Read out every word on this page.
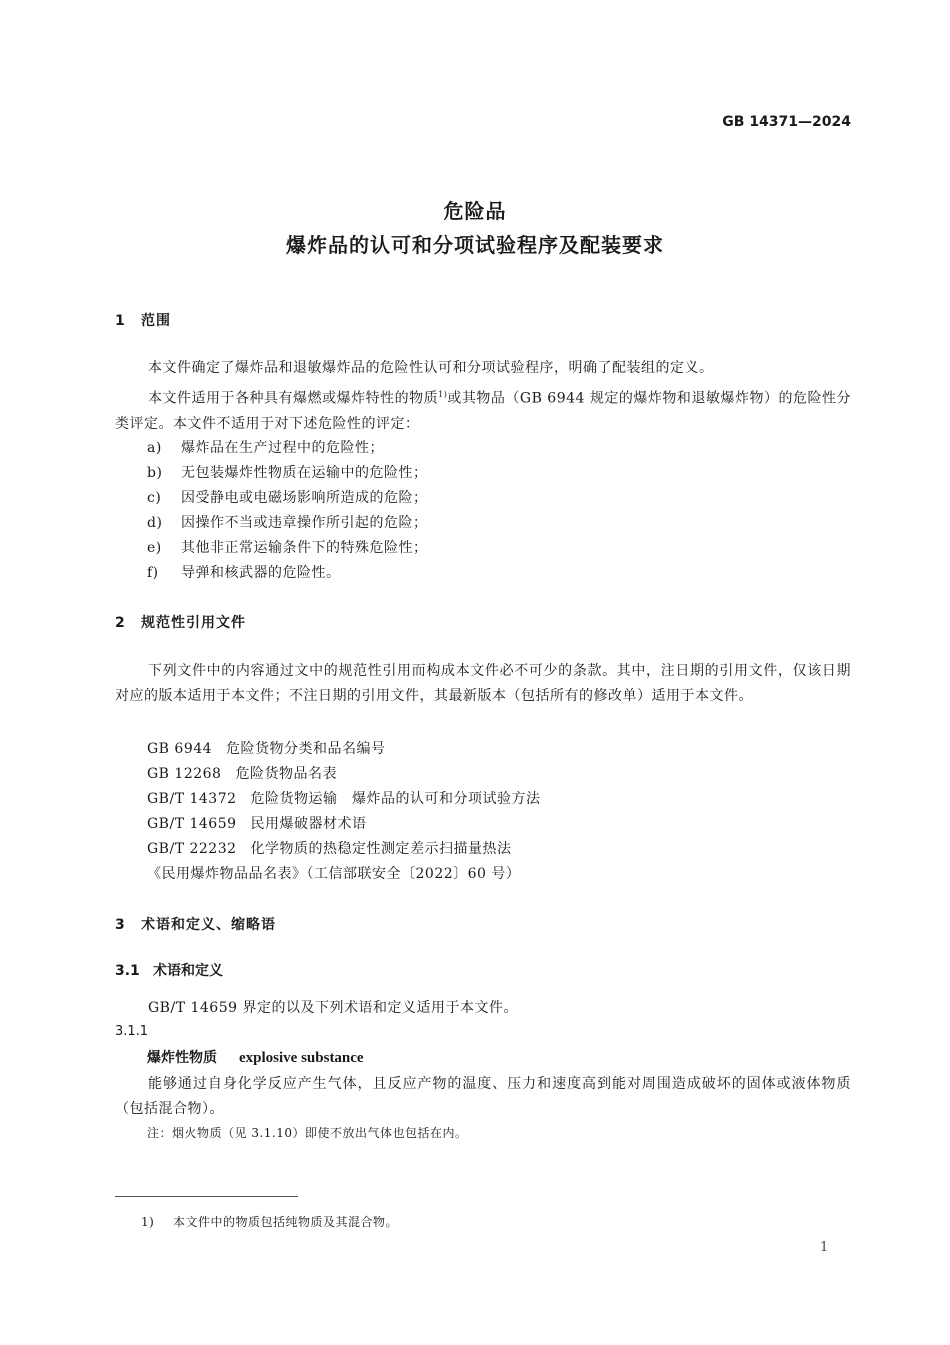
GB 14371—2024
危险品
爆炸品的认可和分项试验程序及配装要求
1 范围
本文件确定了爆炸品和退敏爆炸品的危险性认可和分项试验程序，明确了配装组的定义。
本文件适用于各种具有爆燃或爆炸特性的物质$^{1)}$或其物品（GB 6944 规定的爆炸物和退敏爆炸物）的危险性分类评定。本文件不适用于对下述危险性的评定：
a) 爆炸品在生产过程中的危险性；
b) 无包装爆炸性物质在运输中的危险性；
c) 因受静电或电磁场影响所造成的危险；
d) 因操作不当或违章操作所引起的危险；
e) 其他非正常运输条件下的特殊危险性；
f) 导弹和核武器的危险性。
2 规范性引用文件
下列文件中的内容通过文中的规范性引用而构成本文件必不可少的条款。其中，注日期的引用文件，仅该日期对应的版本适用于本文件；不注日期的引用文件，其最新版本（包括所有的修改单）适用于本文件。
GB 6944 危险货物分类和品名编号
GB 12268 危险货物品名表
GB/T 14372 危险货物运输　爆炸品的认可和分项试验方法
GB/T 14659 民用爆破器材术语
GB/T 22232 化学物质的热稳定性测定差示扫描量热法
《民用爆炸物品品名表》（工信部联安全〔2022〕60 号）
3 术语和定义、缩略语
3.1 术语和定义
GB/T 14659 界定的以及下列术语和定义适用于本文件。
3.1.1
爆炸性物质 explosive substance
能够通过自身化学反应产生气体，且反应产物的温度、压力和速度高到能对周围造成破坏的固体或液体物质（包括混合物）。
注：烟火物质（见 3.1.10）即使不放出气体也包括在内。
1) 本文件中的物质包括纯物质及其混合物。
1
